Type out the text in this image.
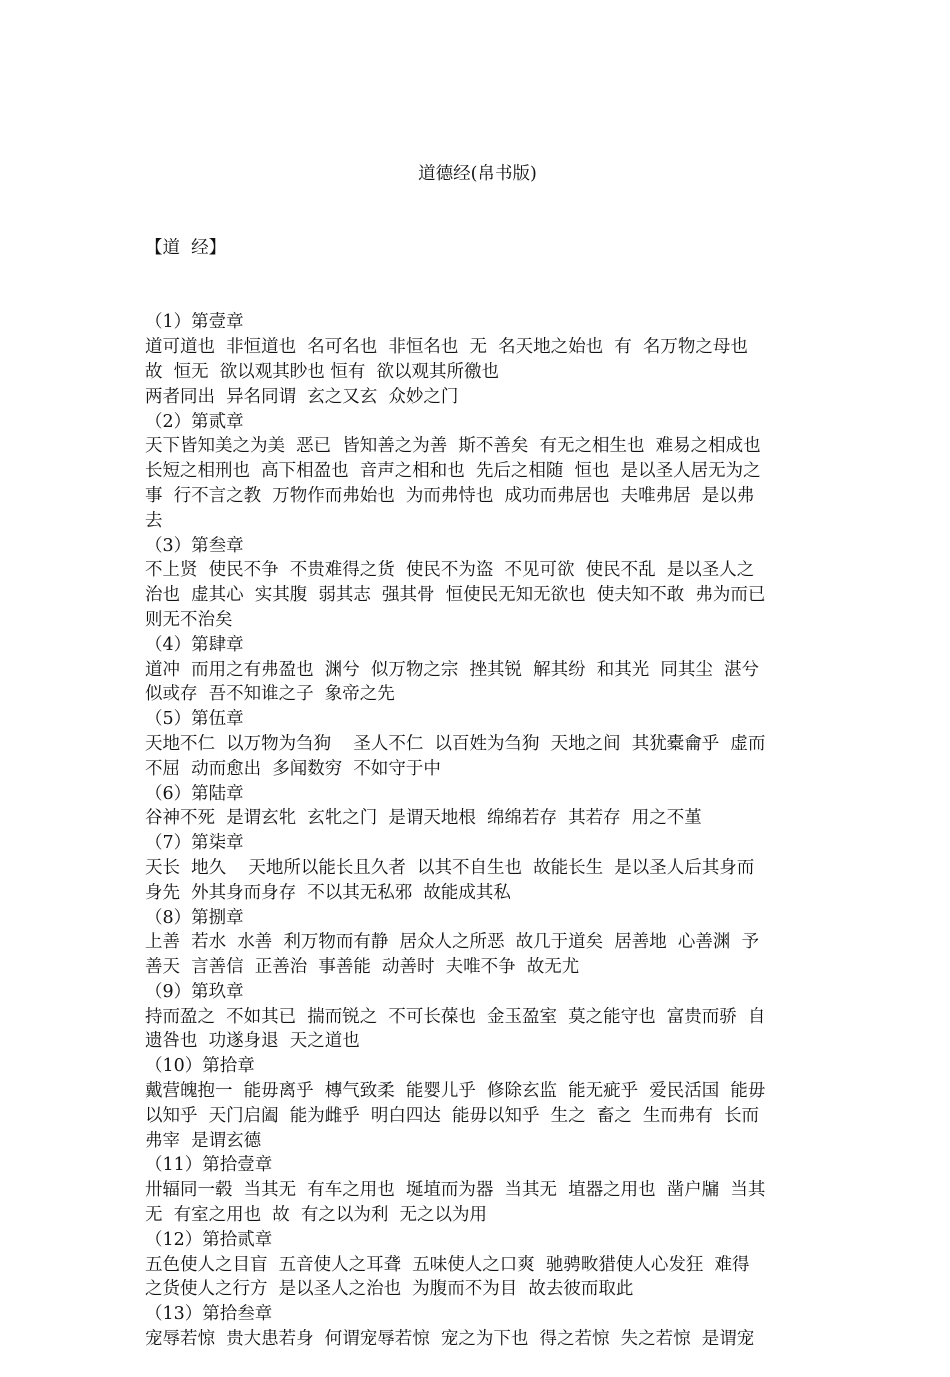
道德经(帛书版)

【道  经】

（1）第壹章
道可道也  非恒道也  名可名也  非恒名也  无  名天地之始也  有  名万物之母也
故  恒无  欲以观其眇也 恒有  欲以观其所徼也
两者同出  异名同谓  玄之又玄  众妙之门
（2）第贰章
天下皆知美之为美  恶已  皆知善之为善  斯不善矣  有无之相生也  难易之相成也
长短之相刑也  高下相盈也  音声之相和也  先后之相随  恒也  是以圣人居无为之
事  行不言之教  万物作而弗始也  为而弗恃也  成功而弗居也  夫唯弗居  是以弗
去
（3）第叁章
不上贤  使民不争  不贵难得之货  使民不为盗  不见可欲  使民不乱  是以圣人之
治也  虚其心  实其腹  弱其志  强其骨  恒使民无知无欲也  使夫知不敢  弗为而已
则无不治矣
（4）第肆章
道冲  而用之有弗盈也  渊兮  似万物之宗  挫其锐  解其纷  和其光  同其尘  湛兮
似或存  吾不知谁之子  象帝之先
（5）第伍章
天地不仁  以万物为刍狗    圣人不仁  以百姓为刍狗  天地之间  其犹橐龠乎  虚而
不屈  动而愈出  多闻数穷  不如守于中
（6）第陆章
谷神不死  是谓玄牝  玄牝之门  是谓天地根  绵绵若存  其若存  用之不堇
（7）第柒章
天长  地久    天地所以能长且久者  以其不自生也  故能长生  是以圣人后其身而
身先  外其身而身存  不以其无私邪  故能成其私
（8）第捌章
上善  若水  水善  利万物而有静  居众人之所恶  故几于道矣  居善地  心善渊  予
善天  言善信  正善治  事善能  动善时  夫唯不争  故无尤
（9）第玖章
持而盈之  不如其已  揣而锐之  不可长葆也  金玉盈室  莫之能守也  富贵而骄  自
遗咎也  功遂身退  天之道也
（10）第拾章
戴营魄抱一  能毋离乎  槫气致柔  能婴儿乎  修除玄监  能无疵乎  爱民活国  能毋
以知乎  天门启阖  能为雌乎  明白四达  能毋以知乎  生之  畜之  生而弗有  长而
弗宰  是谓玄德
（11）第拾壹章
卅辐同一毂  当其无  有车之用也  埏埴而为器  当其无  埴器之用也  凿户牖  当其
无  有室之用也  故  有之以为利  无之以为用
（12）第拾贰章
五色使人之目盲  五音使人之耳聋  五味使人之口爽  驰骋畋猎使人心发狂  难得
之货使人之行方  是以圣人之治也  为腹而不为目  故去彼而取此
（13）第拾叁章
宠辱若惊  贵大患若身  何谓宠辱若惊  宠之为下也  得之若惊  失之若惊  是谓宠
